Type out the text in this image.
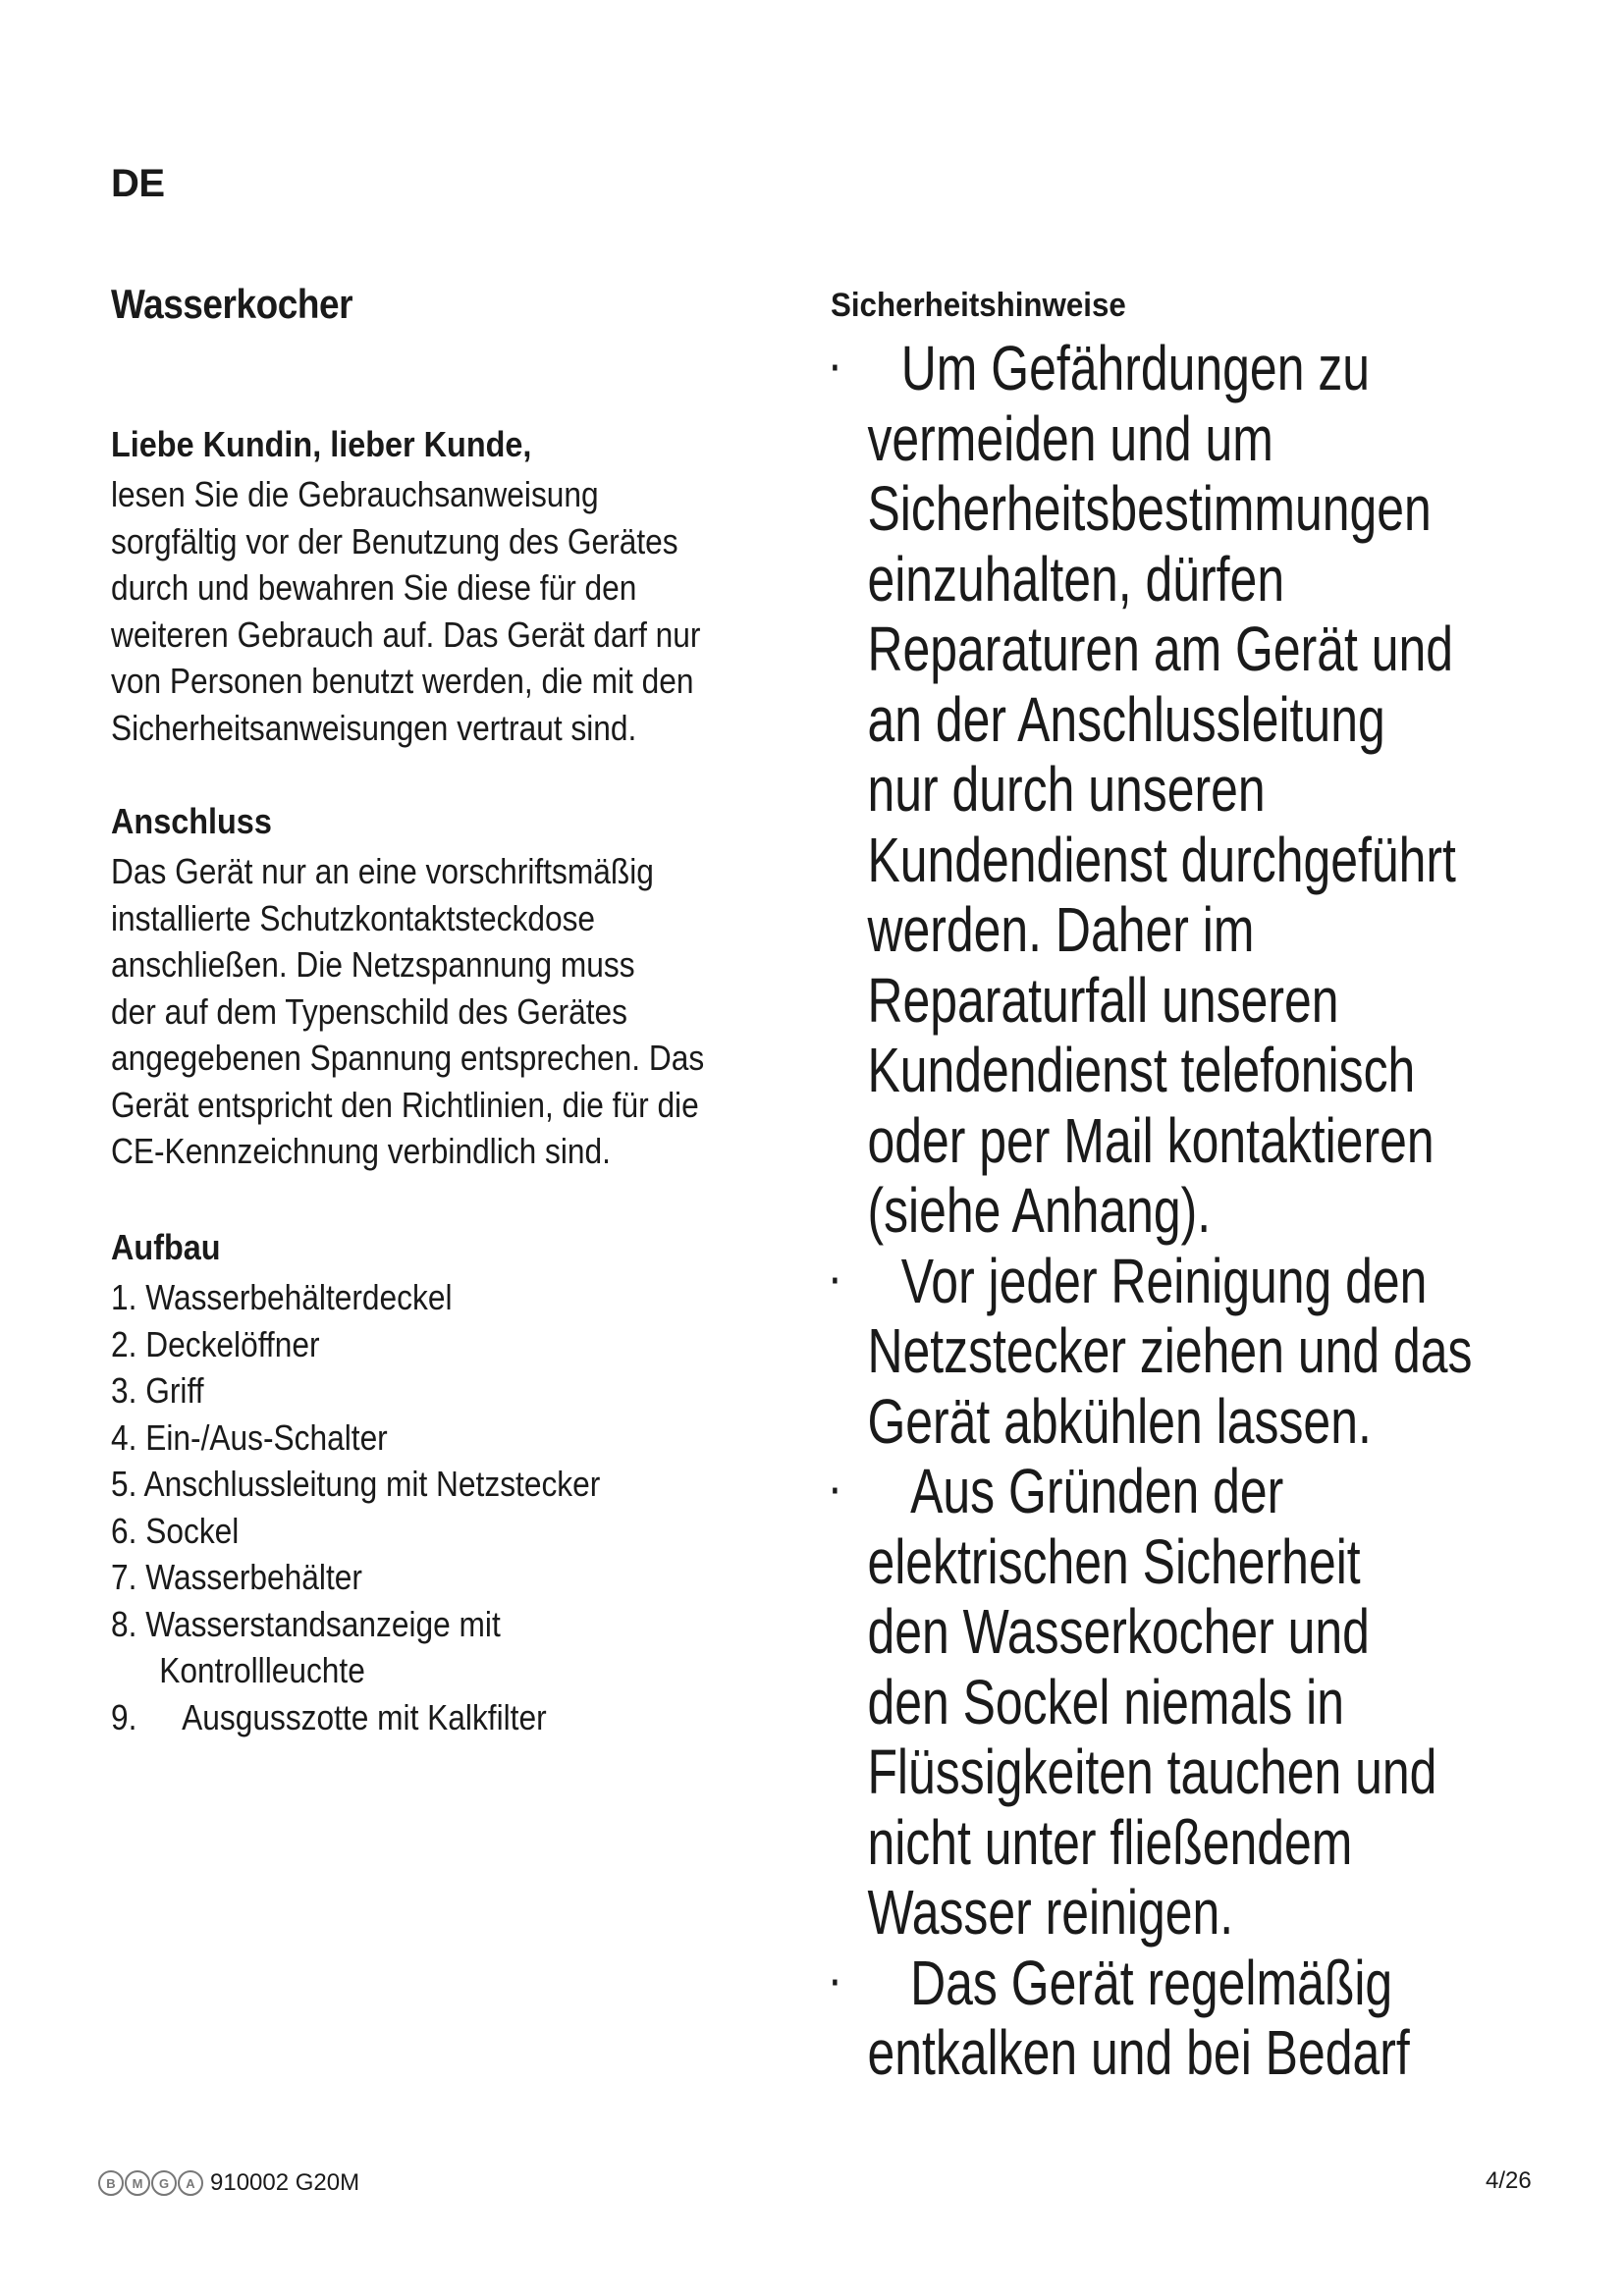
DE
Wasserkocher
Liebe Kundin, lieber Kunde,

lesen Sie die Gebrauchsanweisung
sorgfältig vor der Benutzung des Gerätes
durch und bewahren Sie diese für den
weiteren Gebrauch auf. Das Gerät darf nur
von Personen benutzt werden, die mit den
Sicherheitsanweisungen vertraut sind.

Anschluss

Das Gerät nur an eine vorschriftsmäßig
installierte Schutzkontaktsteckdose
anschließen. Die Netzspannung muss
der auf dem Typenschild des Gerätes
angegebenen Spannung entsprechen. Das
Gerät entspricht den Richtlinien, die für die
CE-Kennzeichnung verbindlich sind.

Aufbau
1. Wasserbehälterdeckel
2. Deckelöffner
3. Griff
4. Ein-/Aus-Schalter
5. Anschlussleitung mit Netzstecker
6. Sockel
7. Wasserbehälter
8. Wasserstandsanzeige mit
Kontrollleuchte
9. Ausgusszotte mit Kalkfilter
Sicherheitshinweise
· Um Gefährdungen zu
vermeiden und um
Sicherheitsbestimmungen
einzuhalten, dürfen
Reparaturen am Gerät und
an der Anschlussleitung
nur durch unseren
Kundendienst durchgeführt
werden. Daher im
Reparaturfall unseren
Kundendienst telefonisch
oder per Mail kontaktieren
(siehe Anhang).
· Vor jeder Reinigung den
Netzstecker ziehen und das
Gerät abkühlen lassen.
· Aus Gründen der
elektrischen Sicherheit
den Wasserkocher und
den Sockel niemals in
Flüssigkeiten tauchen und
nicht unter fließendem
Wasser reinigen.
· Das Gerät regelmäßig
entkalken und bei Bedarf
B	M	G	A 910002 G20M	4/26
